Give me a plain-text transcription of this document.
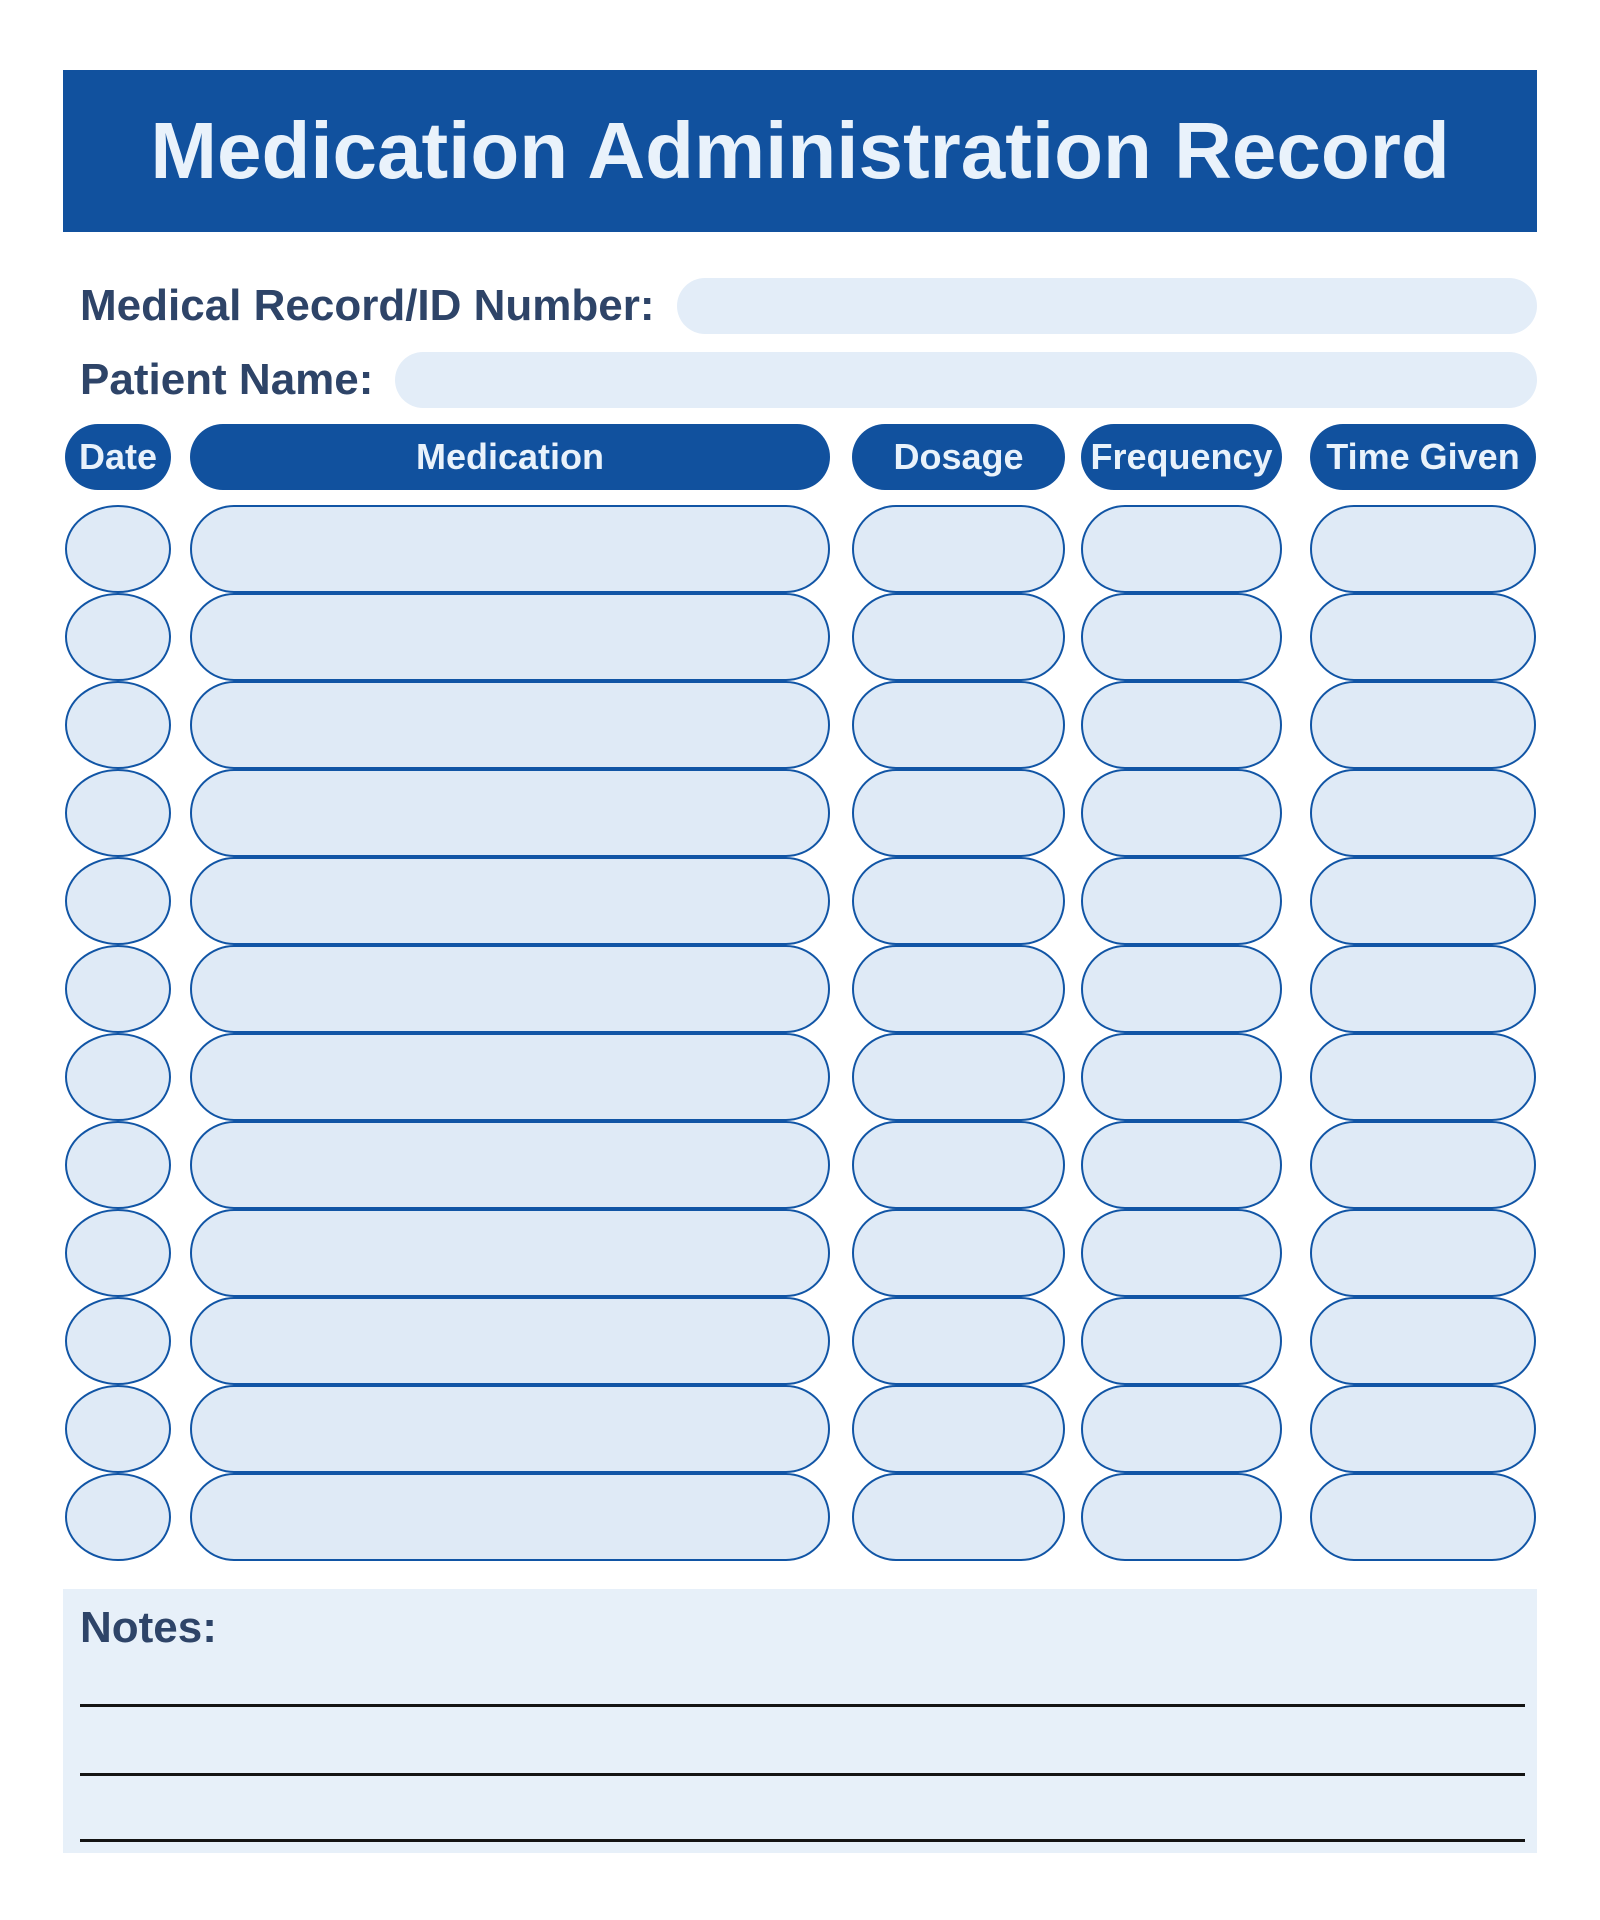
Medication Administration Record
Medical Record/ID Number:
Patient Name:
Date	Medication	Dosage	Frequency	Time Given
Notes:
